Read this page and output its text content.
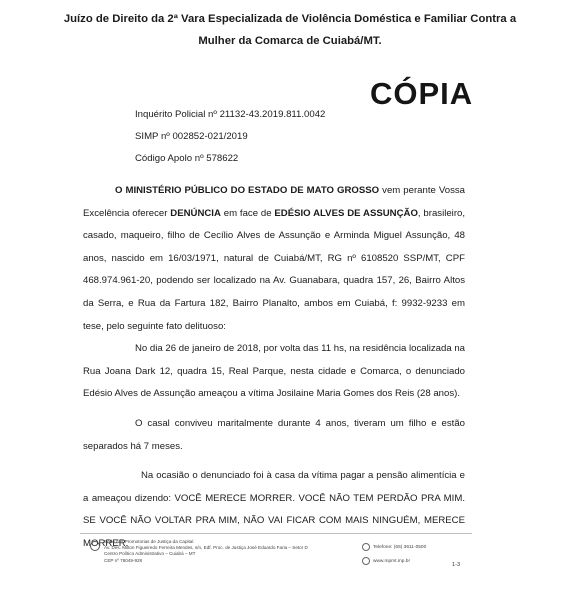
Juízo de Direito da 2ª Vara Especializada de Violência Doméstica e Familiar Contra a
Mulher da Comarca de Cuiabá/MT.
CÓPIA
Inquérito Policial nº 21132-43.2019.811.0042
SIMP nº 002852-021/2019
Código Apolo nº 578622

O MINISTÉRIO PÚBLICO DO ESTADO DE MATO GROSSO vem perante Vossa Excelência oferecer DENÚNCIA em face de EDÉSIO ALVES DE ASSUNÇÃO, brasileiro, casado, maqueiro, filho de Cecílio Alves de Assunção e Arminda Miguel Assunção, 48 anos, nascido em 16/03/1971, natural de Cuiabá/MT, RG nº 6108520 SSP/MT, CPF 468.974.961-20, podendo ser localizado na Av. Guanabara, quadra 157, 26, Bairro Altos da Serra, e Rua da Fartura 182, Bairro Planalto, ambos em Cuiabá, f: 9932-9233 em tese, pelo seguinte fato delituoso:

No dia 26 de janeiro de 2018, por volta das 11 hs, na residência localizada na Rua Joana Dark 12, quadra 15, Real Parque, nesta cidade e Comarca, o denunciado Edésio Alves de Assunção ameaçou a vítima Josilaine Maria Gomes dos Reis (28 anos).

O casal conviveu maritalmente durante 4 anos, tiveram um filho e estão separados há 7 meses.

Na ocasião o denunciado foi à casa da vítima pagar a pensão alimentícia e a ameaçou dizendo: VOCÊ MERECE MORRER. VOCÊ NÃO TEM PERDÃO PRA MIM. SE VOCÊ NÃO VOLTAR PRA MIM, NÃO VAI FICAR COM MAIS NINGUÉM, MERECE MORRER.

Sede das Promotorias de Justiça da Capital
Av. Des. Milton Figueiredo Ferreira Mendes, s/n, Edf. Proc. de Justiça José Eduardo Faria – Setor D
Centro Político Administrativo – Cuiabá – MT
CEP nº 78049-928
Telefone: (65) 3611-0500
www.mpmt.mp.br
1-3
